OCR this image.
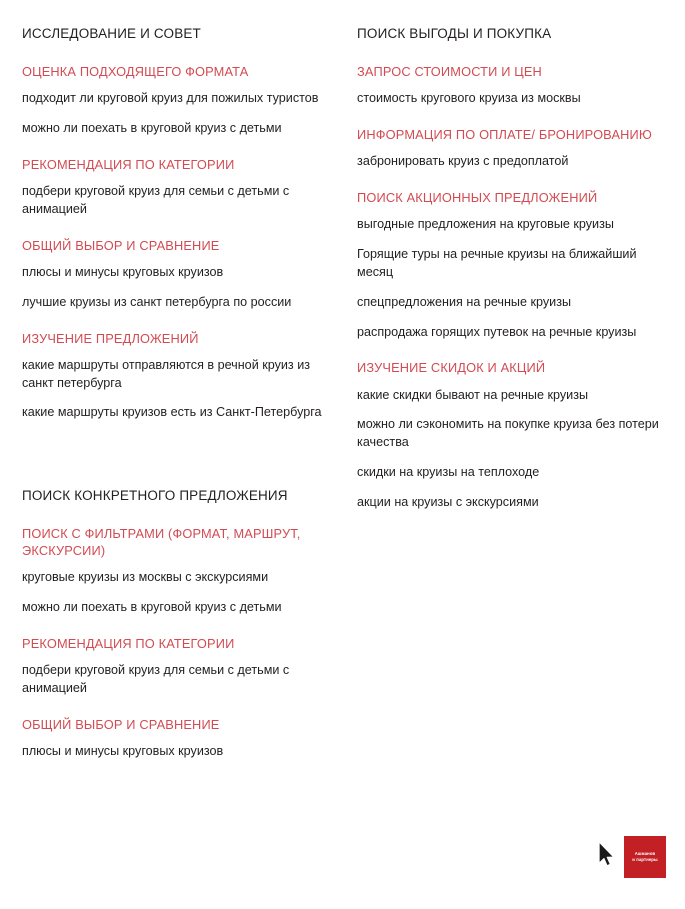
ИССЛЕДОВАНИЕ И СОВЕТ
ОЦЕНКА ПОДХОДЯЩЕГО ФОРМАТА
подходит ли круговой круиз для пожилых туристов
можно ли поехать в круговой круиз с детьми
РЕКОМЕНДАЦИЯ ПО КАТЕГОРИИ
подбери круговой круиз для семьи с детьми с анимацией
ОБЩИЙ ВЫБОР И СРАВНЕНИЕ
плюсы и минусы круговых круизов
лучшие круизы из санкт петербурга по россии
ИЗУЧЕНИЕ ПРЕДЛОЖЕНИЙ
какие маршруты отправляются в речной круиз из санкт петербурга
какие маршруты круизов есть из Санкт-Петербурга
ПОИСК КОНКРЕТНОГО ПРЕДЛОЖЕНИЯ
ПОИСК С ФИЛЬТРАМИ (ФОРМАТ, МАРШРУТ, ЭКСКУРСИИ)
круговые круизы из москвы с экскурсиями
можно ли поехать в круговой круиз с детьми
РЕКОМЕНДАЦИЯ ПО КАТЕГОРИИ
подбери круговой круиз для семьи с детьми с анимацией
ОБЩИЙ ВЫБОР И СРАВНЕНИЕ
плюсы и минусы круговых круизов
ПОИСК ВЫГОДЫ И ПОКУПКА
ЗАПРОС СТОИМОСТИ И ЦЕН
стоимость кругового круиза из москвы
ИНФОРМАЦИЯ ПО ОПЛАТЕ/ БРОНИРОВАНИЮ
забронировать круиз с предоплатой
ПОИСК АКЦИОННЫХ ПРЕДЛОЖЕНИЙ
выгодные предложения на круговые круизы
Горящие туры на речные круизы на ближайший месяц
спецпредложения на речные круизы
распродажа горящих путевок на речные круизы
ИЗУЧЕНИЕ СКИДОК И АКЦИЙ
какие скидки бывают на речные круизы
можно ли сэкономить на покупке круиза без потери качества
скидки на круизы на теплоходе
акции на круизы с экскурсиями
Ашманов
и партнеры
